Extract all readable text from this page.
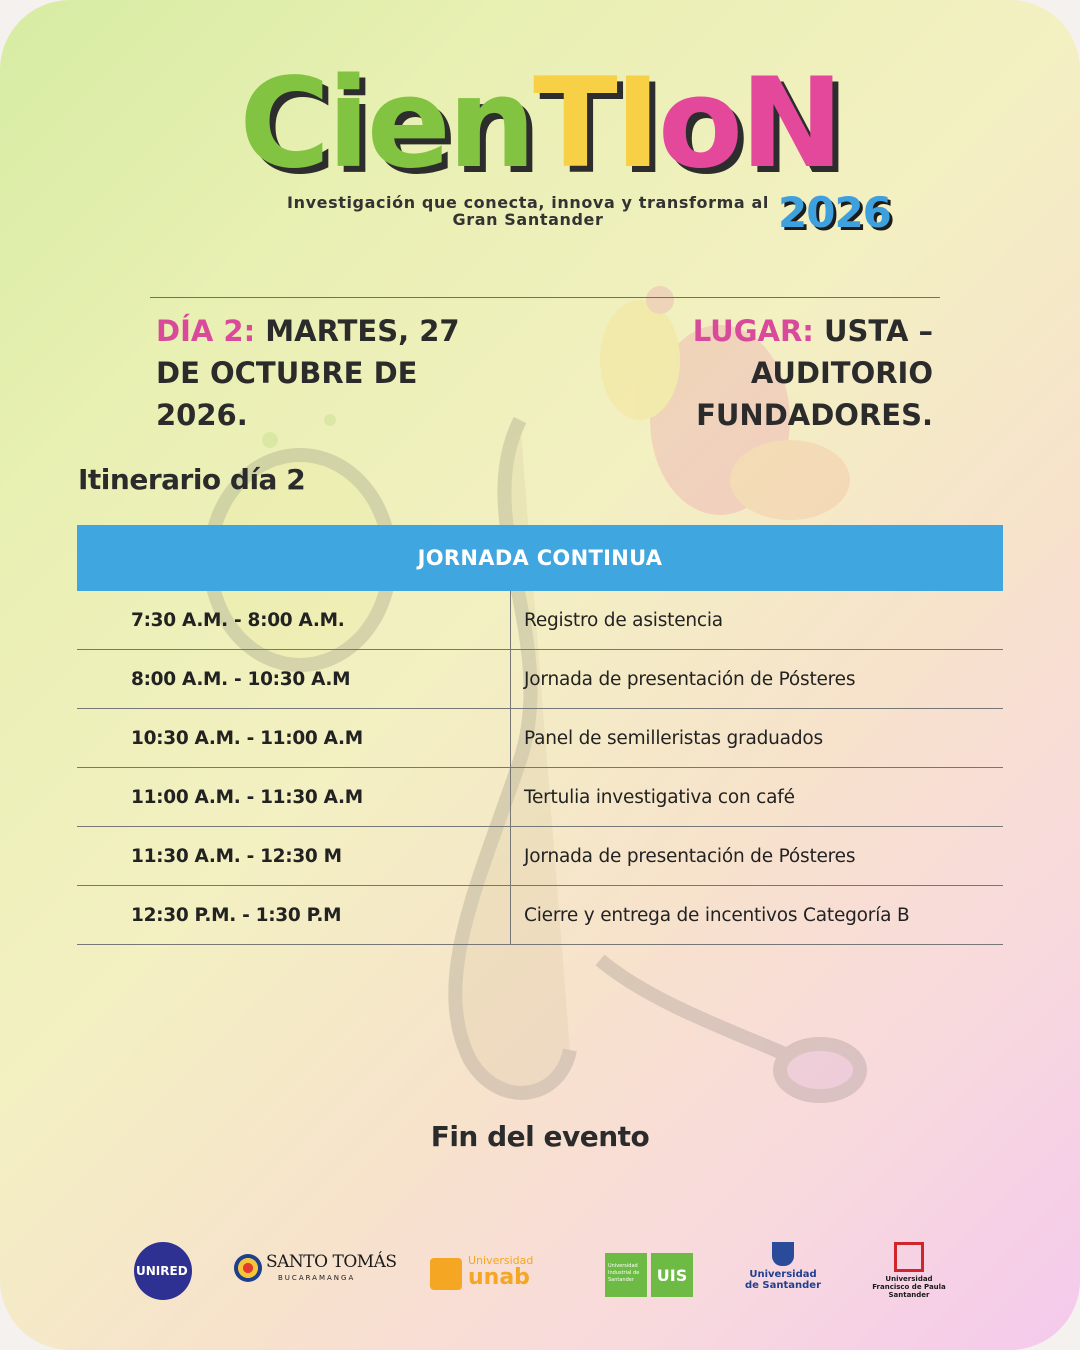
CienTIoN
Investigación que conecta, innova y transforma al Gran Santander	2026
DÍA 2: MARTES, 27 DE OCTUBRE DE 2026.
LUGAR: USTA – AUDITORIO FUNDADORES.
Itinerario día 2
JORNADA CONTINUA
7:30 A.M. - 8:00 A.M.	Registro de asistencia
8:00 A.M. - 10:30 A.M	Jornada de presentación de Pósteres
10:30 A.M. - 11:00 A.M	Panel de semilleristas graduados
11:00 A.M. - 11:30 A.M	Tertulia investigativa con café
11:30 A.M. - 12:30 M	Jornada de presentación de Pósteres
12:30 P.M. - 1:30 P.M	Cierre y entrega de incentivos Categoría B
Fin del evento
UNIRED	SANTO TOMÁS
BUCARAMANGA
Universidad
unab	Universidad Industrial de Santander	UIS	Universidad de Santander
Universidad Francisco de Paula Santander
